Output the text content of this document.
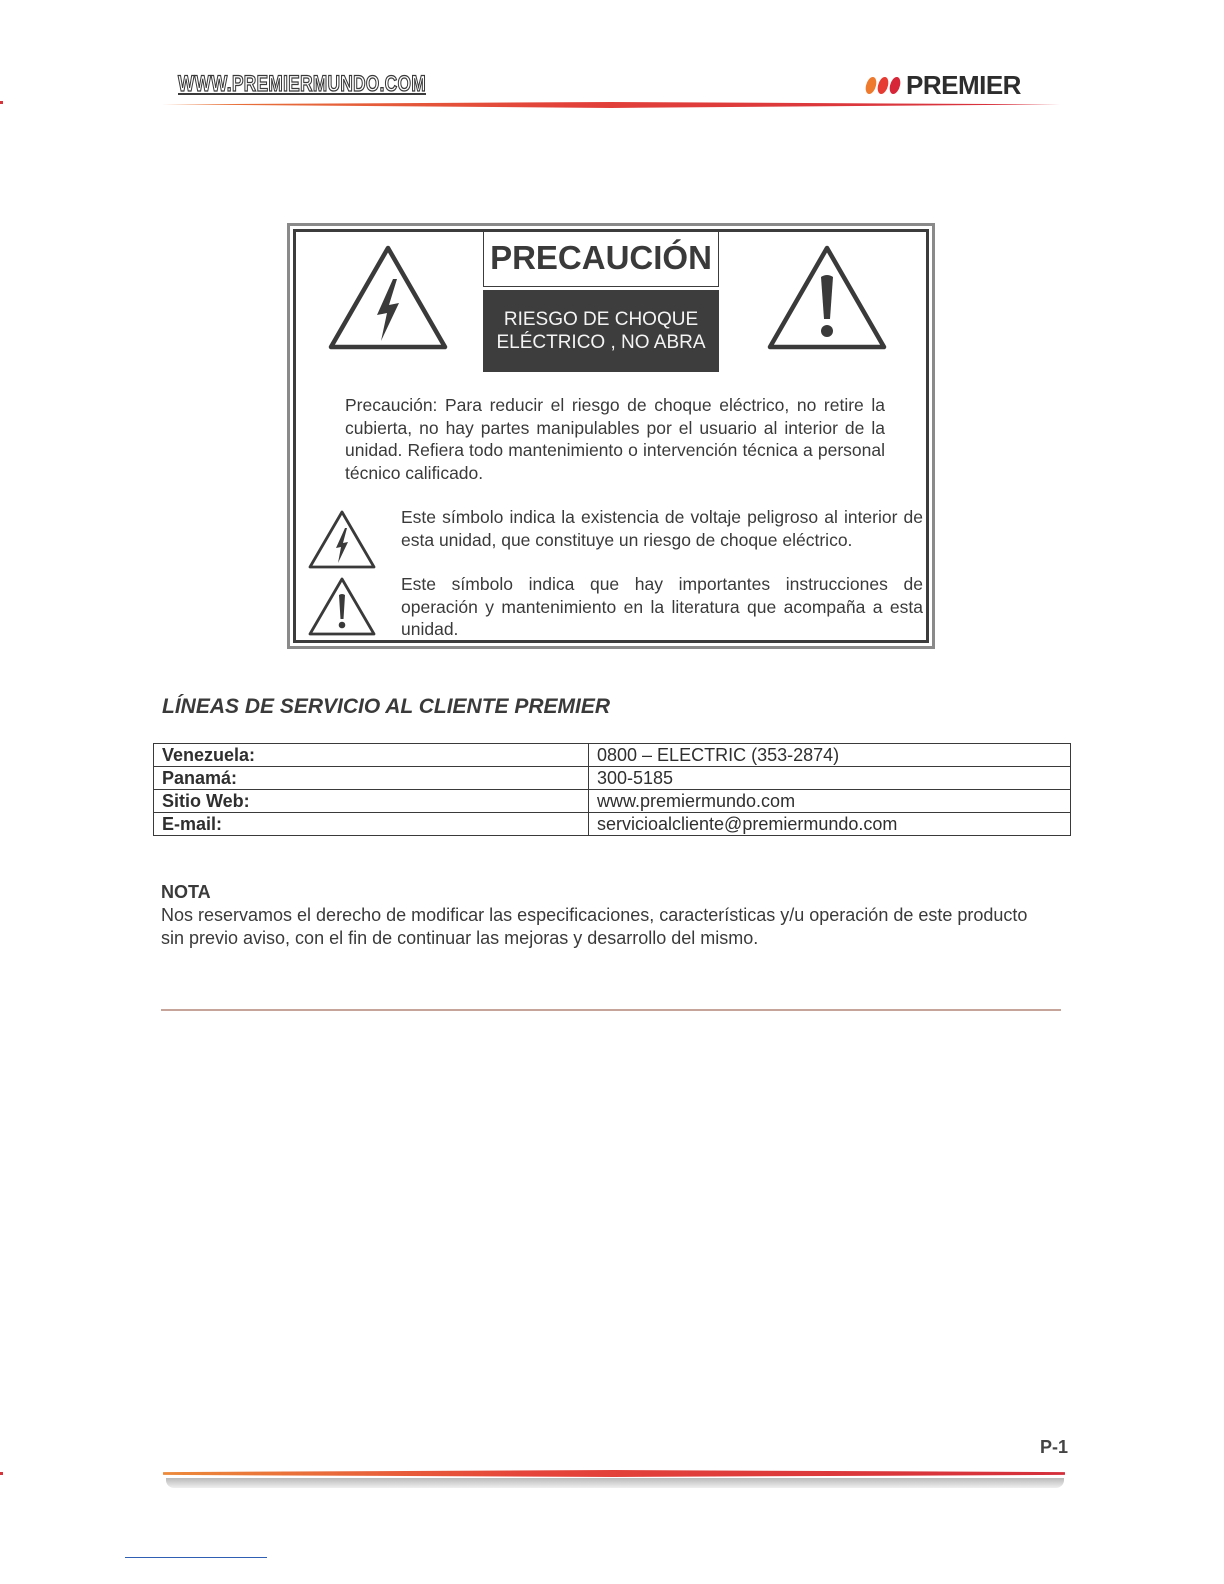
WWW.PREMIERMUNDO.COM	PREMIER
PRECAUCIÓN
RIESGO DE CHOQUE
ELÉCTRICO , NO ABRA
Precaución: Para reducir el riesgo de choque eléctrico, no retire la cubierta, no hay partes manipulables por el usuario al interior de la unidad. Refiera todo mantenimiento o intervención técnica a personal técnico calificado.
Este símbolo indica la existencia de voltaje peligroso al interior de esta unidad, que constituye un riesgo de choque eléctrico.
Este símbolo indica que hay importantes instrucciones de operación y mantenimiento en la literatura que acompaña a esta unidad.
LÍNEAS DE SERVICIO AL CLIENTE PREMIER
Venezuela:	0800 – ELECTRIC (353-2874)
Panamá:	300-5185
Sitio Web:	www.premiermundo.com
E-mail:	servicioalcliente@premiermundo.com
NOTA
Nos reservamos el derecho de modificar las especificaciones, características y/u operación de este producto sin previo aviso, con el fin de continuar las mejoras y desarrollo del mismo.
P-1
